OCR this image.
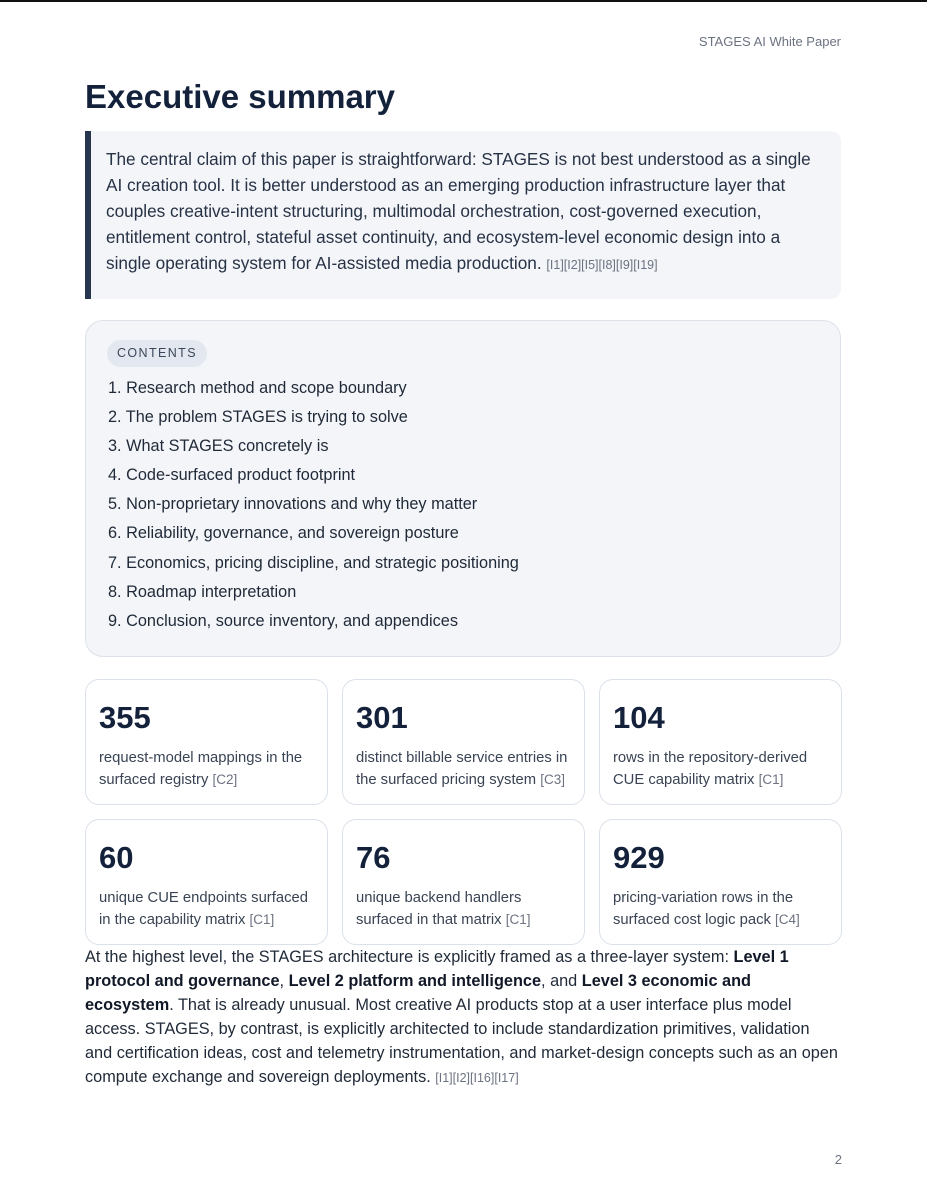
STAGES AI White Paper
Executive summary

The central claim of this paper is straightforward: STAGES is not best understood as a single AI creation tool. It is better understood as an emerging production infrastructure layer that couples creative-intent structuring, multimodal orchestration, cost-governed execution, entitlement control, stateful asset continuity, and ecosystem-level economic design into a single operating system for AI-assisted media production. [I1][I2][I5][I8][I9][I19]

CONTENTS
1. Research method and scope boundary
2. The problem STAGES is trying to solve
3. What STAGES concretely is
4. Code-surfaced product footprint
5. Non-proprietary innovations and why they matter
6. Reliability, governance, and sovereign posture
7. Economics, pricing discipline, and strategic positioning
8. Roadmap interpretation
9. Conclusion, source inventory, and appendices
355
request-model mappings in the surfaced registry [C2]
301
distinct billable service entries in the surfaced pricing system [C3]
104
rows in the repository-derived CUE capability matrix [C1]
60
unique CUE endpoints surfaced in the capability matrix [C1]
76
unique backend handlers surfaced in that matrix [C1]
929
pricing-variation rows in the surfaced cost logic pack [C4]

At the highest level, the STAGES architecture is explicitly framed as a three-layer system: Level 1 protocol and governance, Level 2 platform and intelligence, and Level 3 economic and ecosystem. That is already unusual. Most creative AI products stop at a user interface plus model access. STAGES, by contrast, is explicitly architected to include standardization primitives, validation and certification ideas, cost and telemetry instrumentation, and market-design concepts such as an open compute exchange and sovereign deployments. [I1][I2][I16][I17]

2
